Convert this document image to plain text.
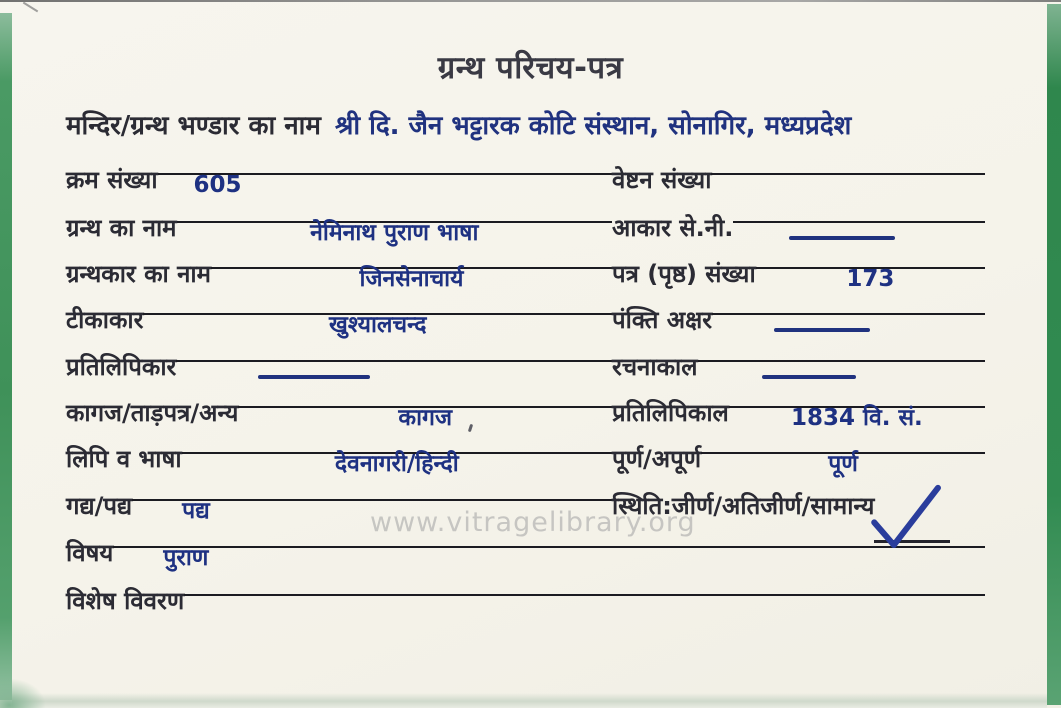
www.vitragelibrary.org
ग्रन्थ परिचय-पत्र
मन्दिर/ग्रन्थ भण्डार का नाम श्री दि. जैन भट्टारक कोटि संस्थान, सोनागिर, मध्यप्रदेश
क्रम संख्या 605	वेष्टन संख्या
ग्रन्थ का नाम	नेमिनाथ पुराण भाषा	आकार से.नी.
ग्रन्थकार का नाम	जिनसेनाचार्य	पत्र (पृष्ठ) संख्या	173
टीकाकार	खुश्यालचन्द	पंक्ति अक्षर
प्रतिलिपिकार	रचनाकाल
कागज/ताड़पत्र/अन्य	कागज	प्रतिलिपिकाल	1834 वि. सं.
लिपि व भाषा	देवनागरी/हिन्दी	पूर्ण/अपूर्ण	पूर्ण
गद्य/पद्य पद्य	स्थिति:जीर्ण/अतिजीर्ण/सामान्य
विषय पुराण
विशेष विवरण
